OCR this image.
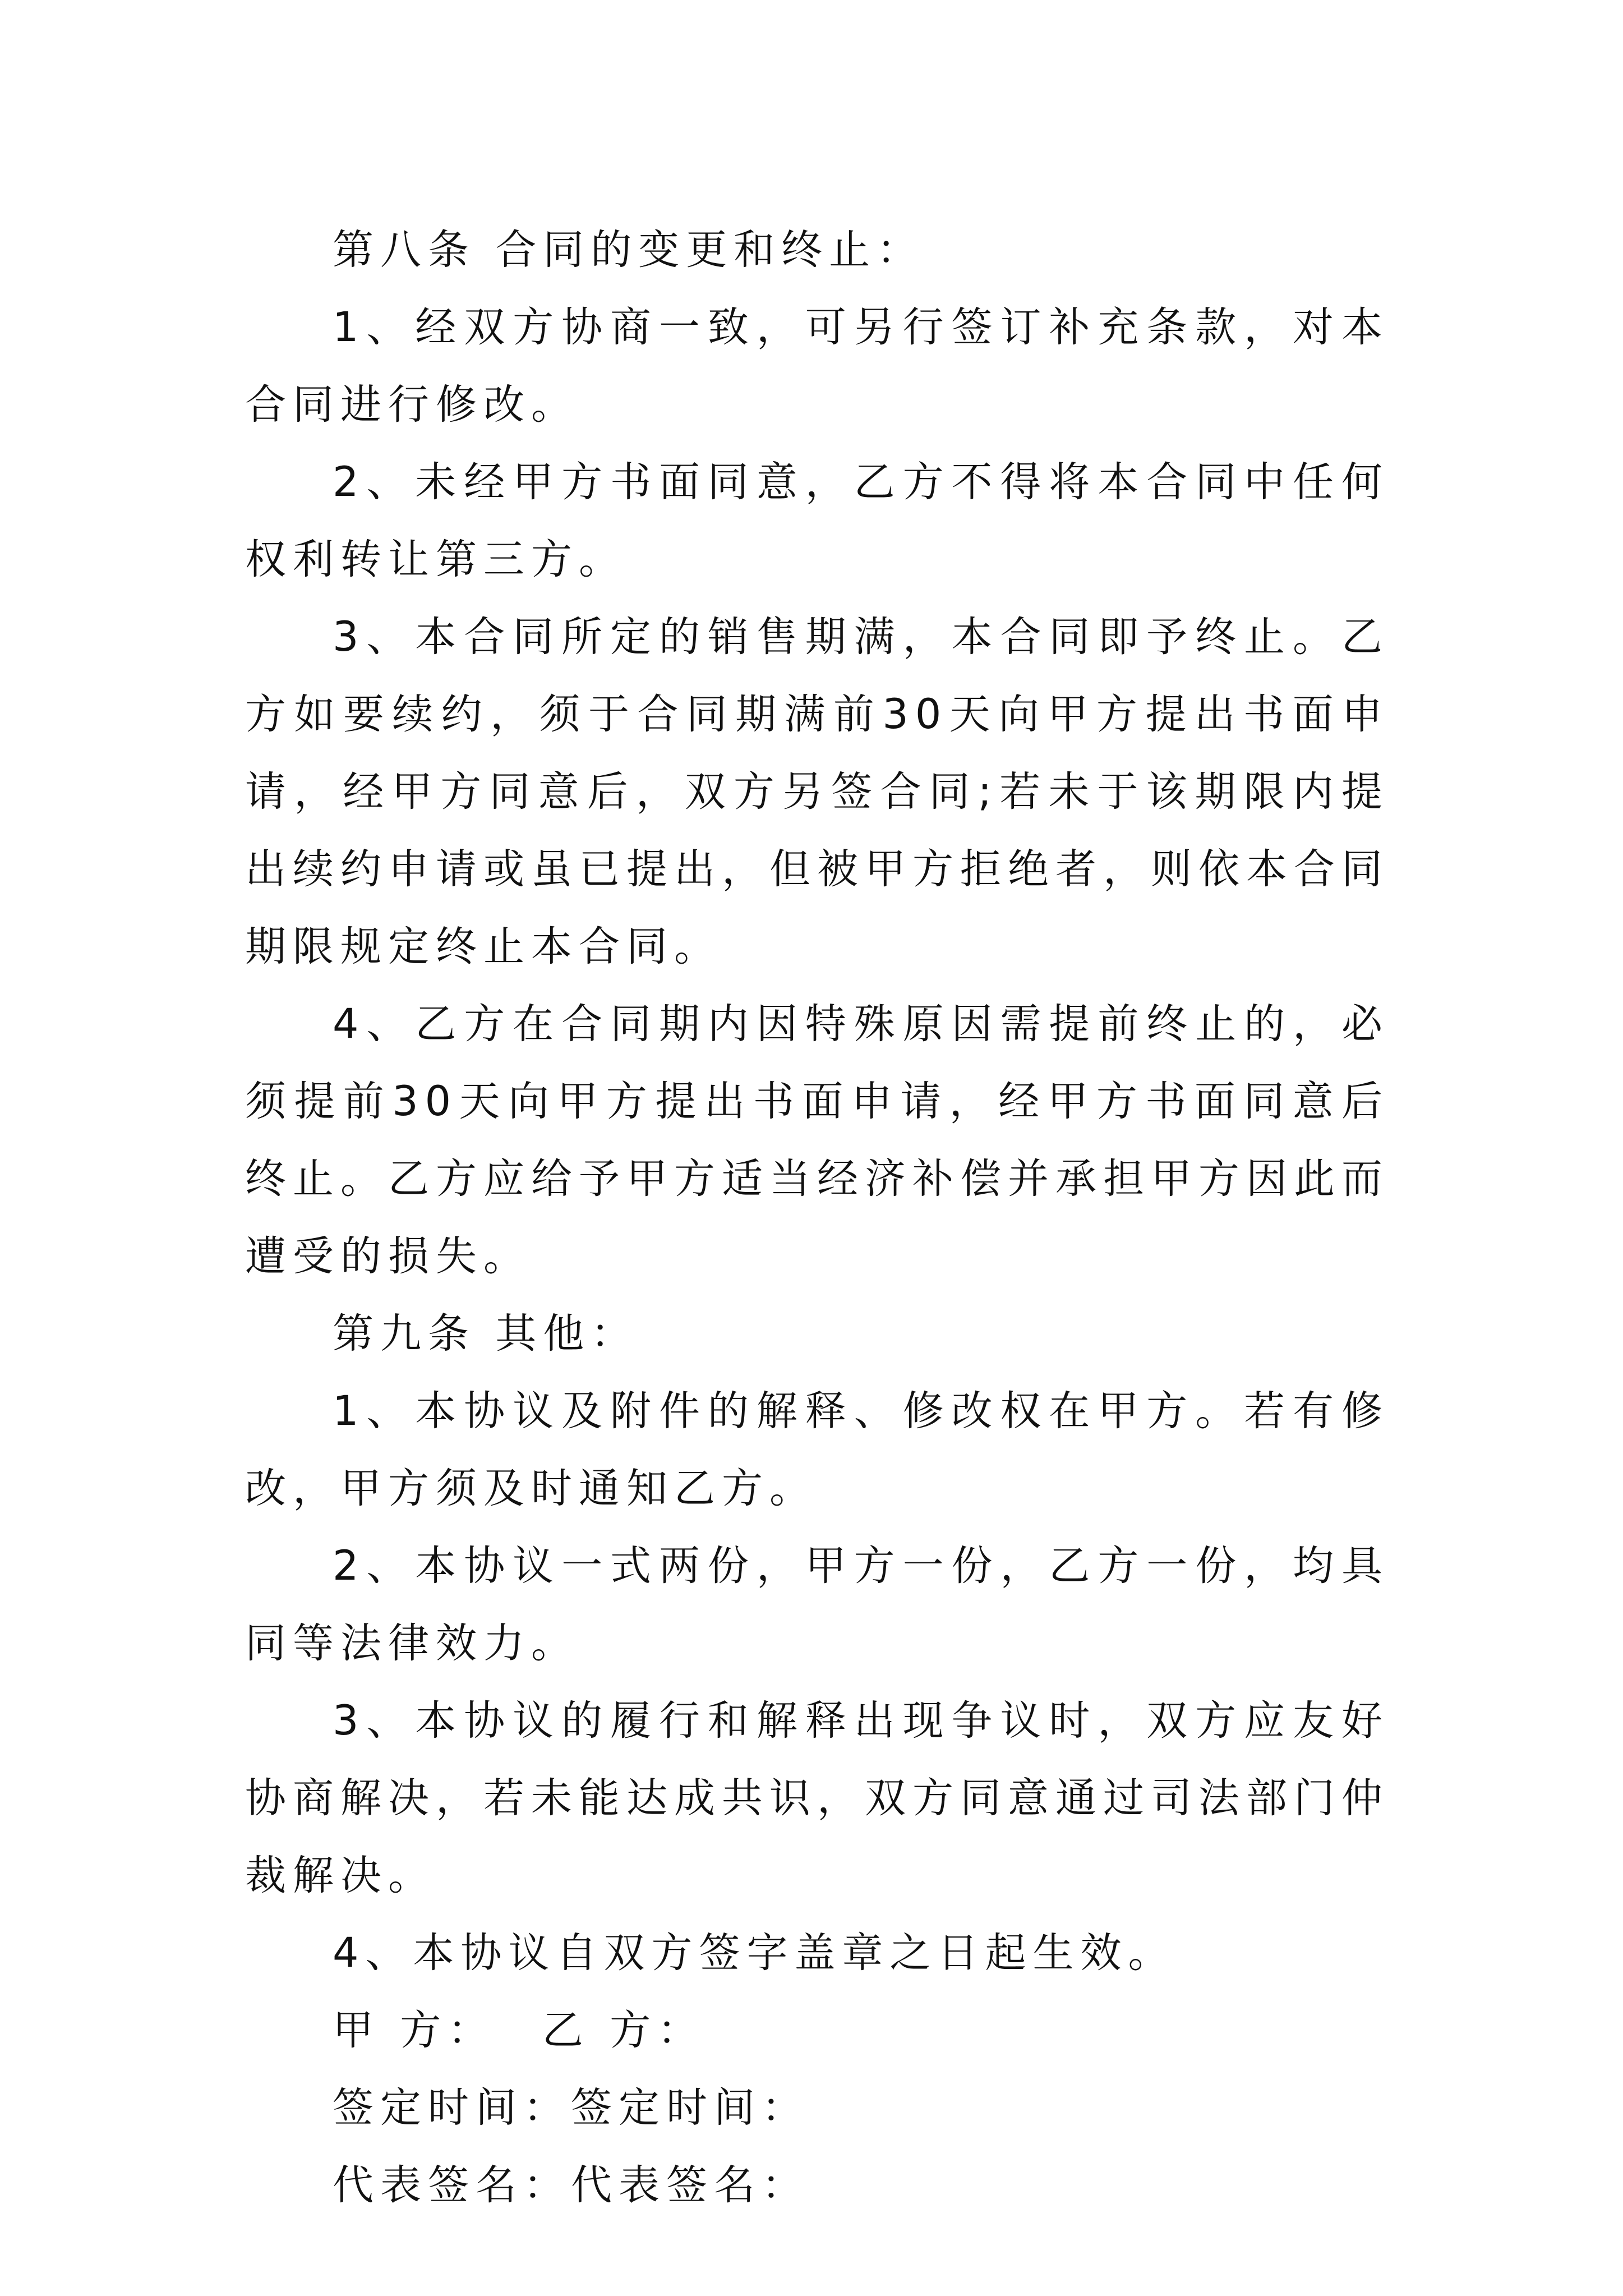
第八条 合同的变更和终止：

1、经双方协商一致，可另行签订补充条款，对本合同进行修改。

2、未经甲方书面同意，乙方不得将本合同中任何权利转让第三方。

3、本合同所定的销售期满，本合同即予终止。乙方如要续约，须于合同期满前30天向甲方提出书面申请，经甲方同意后，双方另签合同;若未于该期限内提出续约申请或虽已提出，但被甲方拒绝者，则依本合同期限规定终止本合同。

4、乙方在合同期内因特殊原因需提前终止的，必须提前30天向甲方提出书面申请，经甲方书面同意后终止。乙方应给予甲方适当经济补偿并承担甲方因此而遭受的损失。

第九条 其他：

1、本协议及附件的解释、修改权在甲方。若有修改，甲方须及时通知乙方。

2、本协议一式两份，甲方一份，乙方一份，均具同等法律效力。

3、本协议的履行和解释出现争议时，双方应友好协商解决，若未能达成共识，双方同意通过司法部门仲裁解决。

4、本协议自双方签字盖章之日起生效。

甲 方：　 乙 方：

签定时间：签定时间：

代表签名：代表签名：
